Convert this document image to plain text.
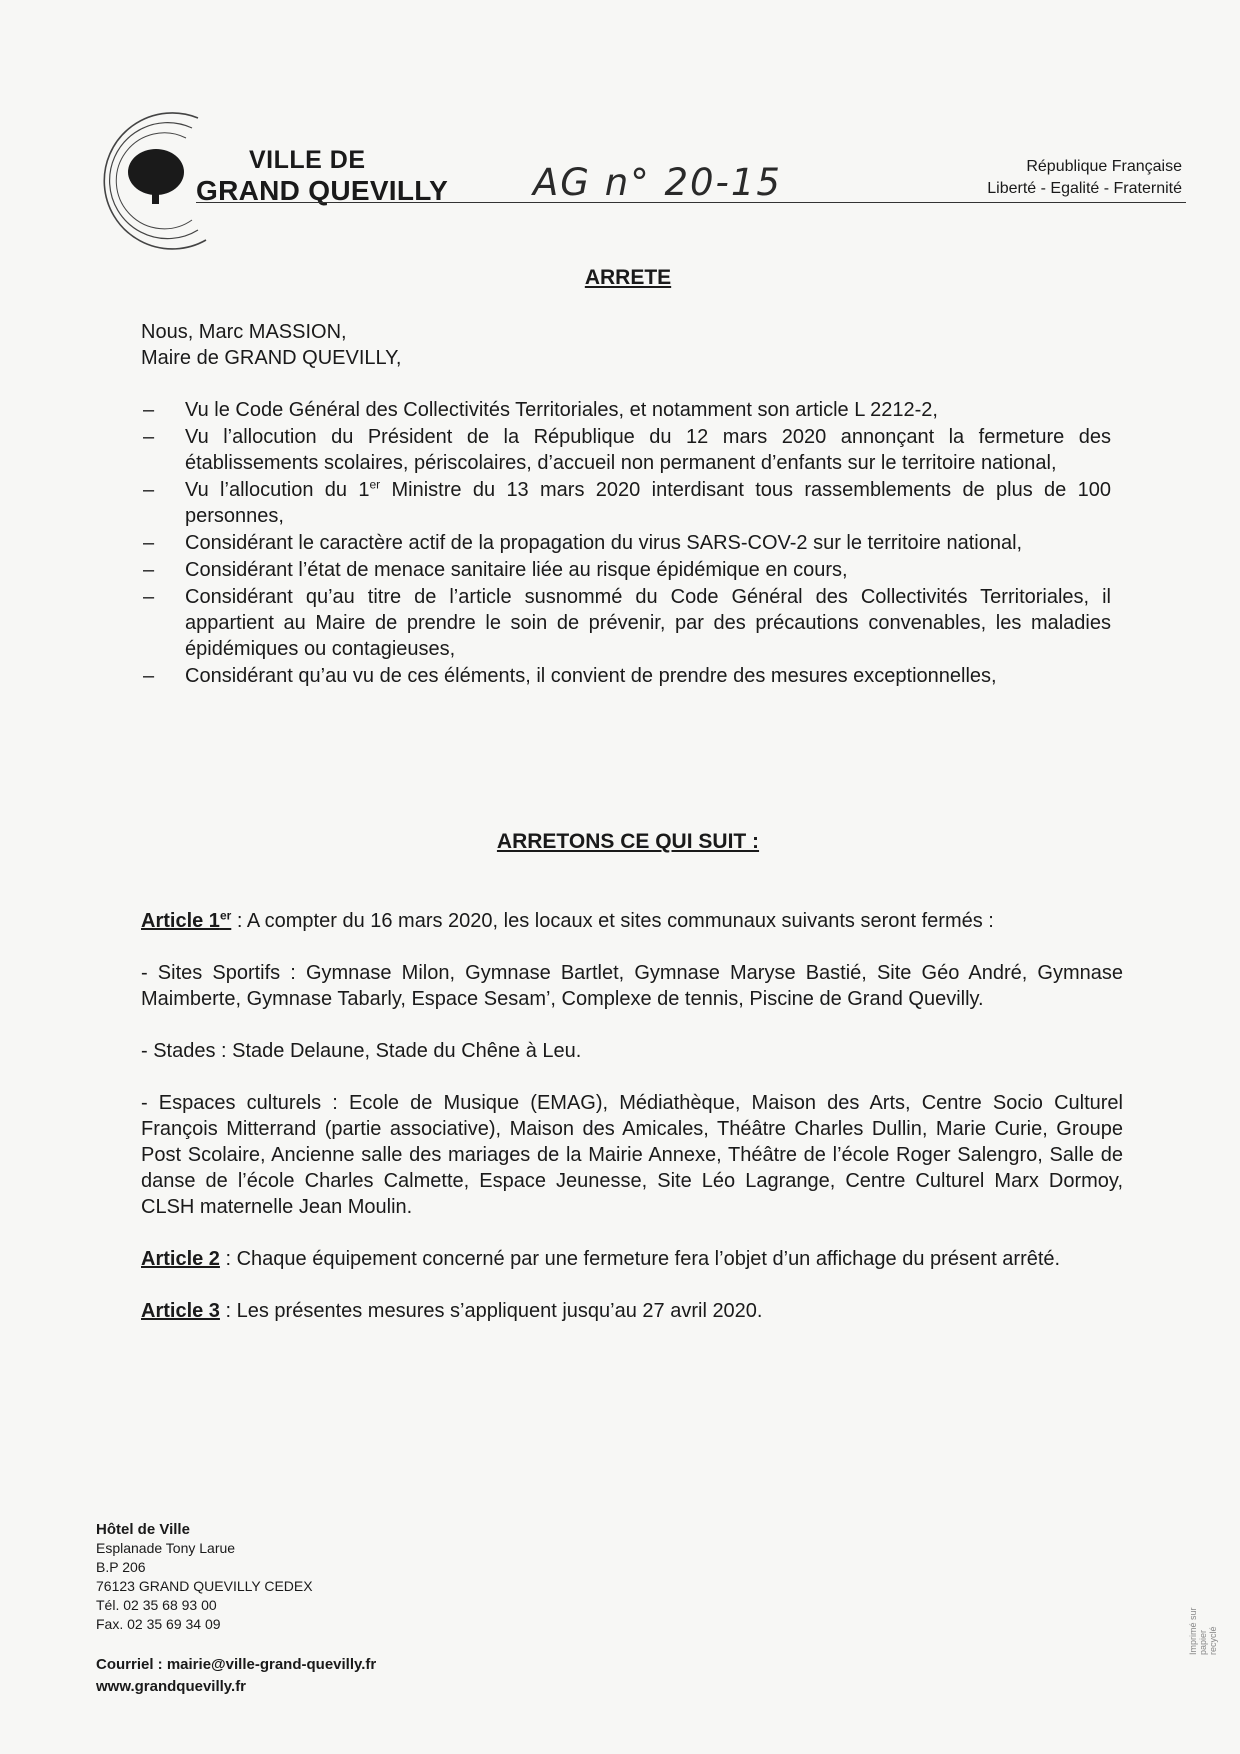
VILLE DE
GRAND QUEVILLY AG n° 20-15	République Française
Liberté - Egalité - Fraternité
ARRETE
Nous, Marc MASSION,
Maire de GRAND QUEVILLY,
– Vu le Code Général des Collectivités Territoriales, et notamment son article L 2212-2,
– Vu l’allocution du Président de la République du 12 mars 2020 annonçant la fermeture des établissements scolaires, périscolaires, d’accueil non permanent d’enfants sur le territoire national,
– Vu l’allocution du 1er Ministre du 13 mars 2020 interdisant tous rassemblements de plus de 100 personnes,
– Considérant le caractère actif de la propagation du virus SARS-COV-2 sur le territoire national,
– Considérant l’état de menace sanitaire liée au risque épidémique en cours,
– Considérant qu’au titre de l’article susnommé du Code Général des Collectivités Territoriales, il appartient au Maire de prendre le soin de prévenir, par des précautions convenables, les maladies épidémiques ou contagieuses,
– Considérant qu’au vu de ces éléments, il convient de prendre des mesures exceptionnelles,
ARRETONS CE QUI SUIT :

Article 1er : A compter du 16 mars 2020, les locaux et sites communaux suivants seront fermés :

- Sites Sportifs : Gymnase Milon, Gymnase Bartlet, Gymnase Maryse Bastié, Site Géo André, Gymnase Maimberte, Gymnase Tabarly, Espace Sesam’, Complexe de tennis, Piscine de Grand Quevilly.

- Stades : Stade Delaune, Stade du Chêne à Leu.

- Espaces culturels : Ecole de Musique (EMAG), Médiathèque, Maison des Arts, Centre Socio Culturel François Mitterrand (partie associative), Maison des Amicales, Théâtre Charles Dullin, Marie Curie, Groupe Post Scolaire, Ancienne salle des mariages de la Mairie Annexe, Théâtre de l’école Roger Salengro, Salle de danse de l’école Charles Calmette, Espace Jeunesse, Site Léo Lagrange, Centre Culturel Marx Dormoy, CLSH maternelle Jean Moulin.

Article 2 : Chaque équipement concerné par une fermeture fera l’objet d’un affichage du présent arrêté.

Article 3 : Les présentes mesures s’appliquent jusqu’au 27 avril 2020.

Hôtel de Ville
Esplanade Tony Larue
B.P 206
76123 GRAND QUEVILLY CEDEX
Tél. 02 35 68 93 00
Fax. 02 35 69 34 09
Courriel : mairie@ville-grand-quevilly.fr
www.grandquevilly.fr
Imprimé sur papier recyclé
